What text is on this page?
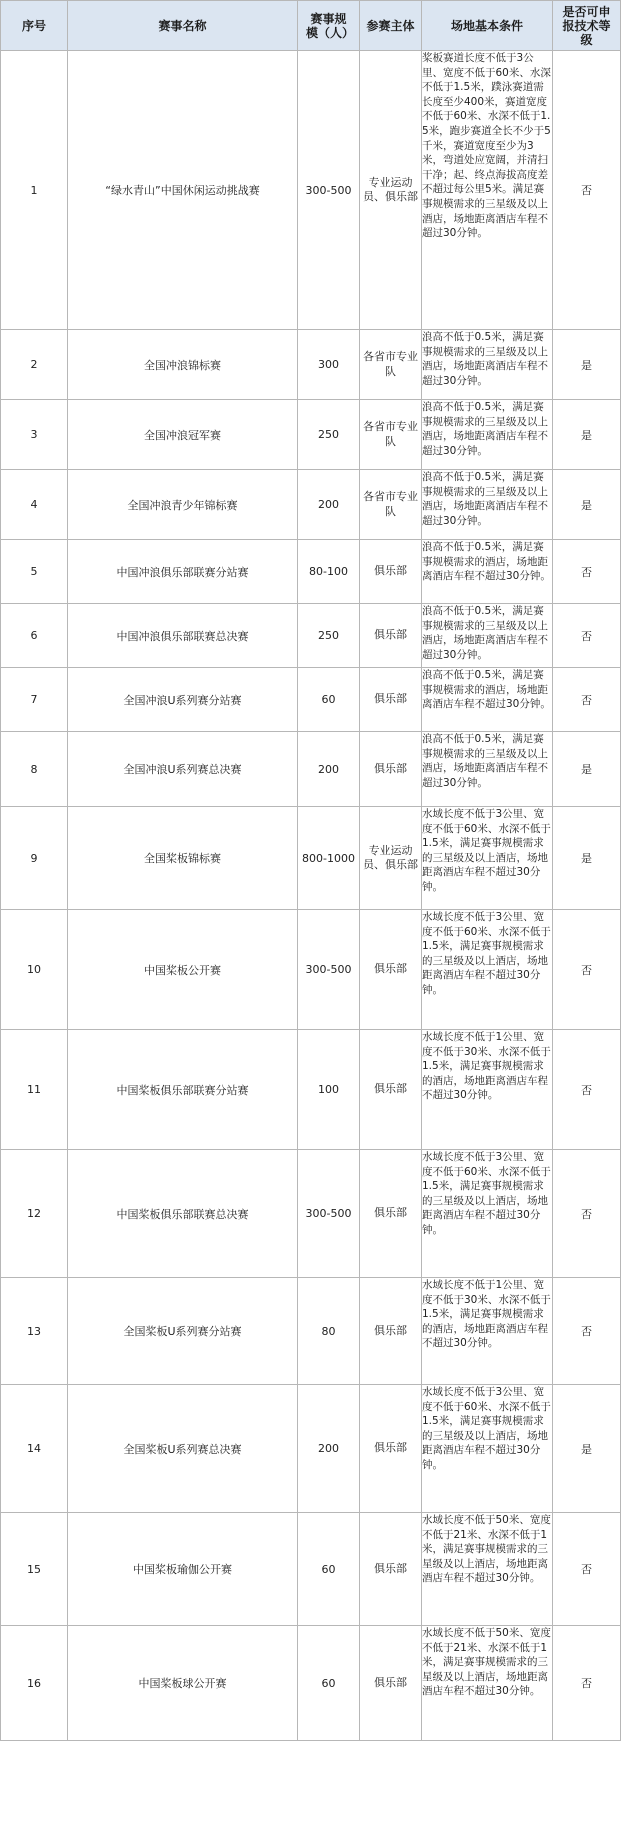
序号	赛事名称	赛事规模（人）	参赛主体	场地基本条件	是否可申报技术等级
1	“绿水青山”中国休闲运动挑战赛	300-500	专业运动员、俱乐部	桨板赛道长度不低于3公里、宽度不低于60米、水深不低于1.5米，蹼泳赛道需长度至少400米，赛道宽度不低于60米、水深不低于1.5米，跑步赛道全长不少于5千米，赛道宽度至少为3米，弯道处应宽阔，并清扫干净；起、终点海拔高度差不超过每公里5米。满足赛事规模需求的三星级及以上酒店，场地距离酒店车程不超过30分钟。	否
2	全国冲浪锦标赛	300	各省市专业队	浪高不低于0.5米，满足赛事规模需求的三星级及以上酒店，场地距离酒店车程不超过30分钟。	是
3	全国冲浪冠军赛	250	各省市专业队	浪高不低于0.5米，满足赛事规模需求的三星级及以上酒店，场地距离酒店车程不超过30分钟。	是
4	全国冲浪青少年锦标赛	200	各省市专业队	浪高不低于0.5米，满足赛事规模需求的三星级及以上酒店，场地距离酒店车程不超过30分钟。	是
5	中国冲浪俱乐部联赛分站赛	80-100	俱乐部	浪高不低于0.5米，满足赛事规模需求的酒店，场地距离酒店车程不超过30分钟。	否
6	中国冲浪俱乐部联赛总决赛	250	俱乐部	浪高不低于0.5米，满足赛事规模需求的三星级及以上酒店，场地距离酒店车程不超过30分钟。	否
7	全国冲浪U系列赛分站赛	60	俱乐部	浪高不低于0.5米，满足赛事规模需求的酒店，场地距离酒店车程不超过30分钟。	否
8	全国冲浪U系列赛总决赛	200	俱乐部	浪高不低于0.5米，满足赛事规模需求的三星级及以上酒店，场地距离酒店车程不超过30分钟。	是
9	全国桨板锦标赛	800-1000	专业运动员、俱乐部	水域长度不低于3公里、宽度不低于60米、水深不低于1.5米，满足赛事规模需求的三星级及以上酒店，场地距离酒店车程不超过30分钟。	是
10	中国桨板公开赛	300-500	俱乐部	水域长度不低于3公里、宽度不低于60米、水深不低于1.5米，满足赛事规模需求的三星级及以上酒店，场地距离酒店车程不超过30分钟。	否
11	中国桨板俱乐部联赛分站赛	100	俱乐部	水域长度不低于1公里、宽度不低于30米、水深不低于1.5米，满足赛事规模需求的酒店，场地距离酒店车程不超过30分钟。	否
12	中国桨板俱乐部联赛总决赛	300-500	俱乐部	水域长度不低于3公里、宽度不低于60米、水深不低于1.5米，满足赛事规模需求的三星级及以上酒店，场地距离酒店车程不超过30分钟。	否
13	全国桨板U系列赛分站赛	80	俱乐部	水域长度不低于1公里、宽度不低于30米、水深不低于1.5米，满足赛事规模需求的酒店，场地距离酒店车程不超过30分钟。	否
14	全国桨板U系列赛总决赛	200	俱乐部	水域长度不低于3公里、宽度不低于60米、水深不低于1.5米，满足赛事规模需求的三星级及以上酒店，场地距离酒店车程不超过30分钟。	是
15	中国桨板瑜伽公开赛	60	俱乐部	水域长度不低于50米、宽度不低于21米、水深不低于1米，满足赛事规模需求的三星级及以上酒店，场地距离酒店车程不超过30分钟。	否
16	中国桨板球公开赛	60	俱乐部	水域长度不低于50米、宽度不低于21米、水深不低于1米，满足赛事规模需求的三星级及以上酒店，场地距离酒店车程不超过30分钟。	否
